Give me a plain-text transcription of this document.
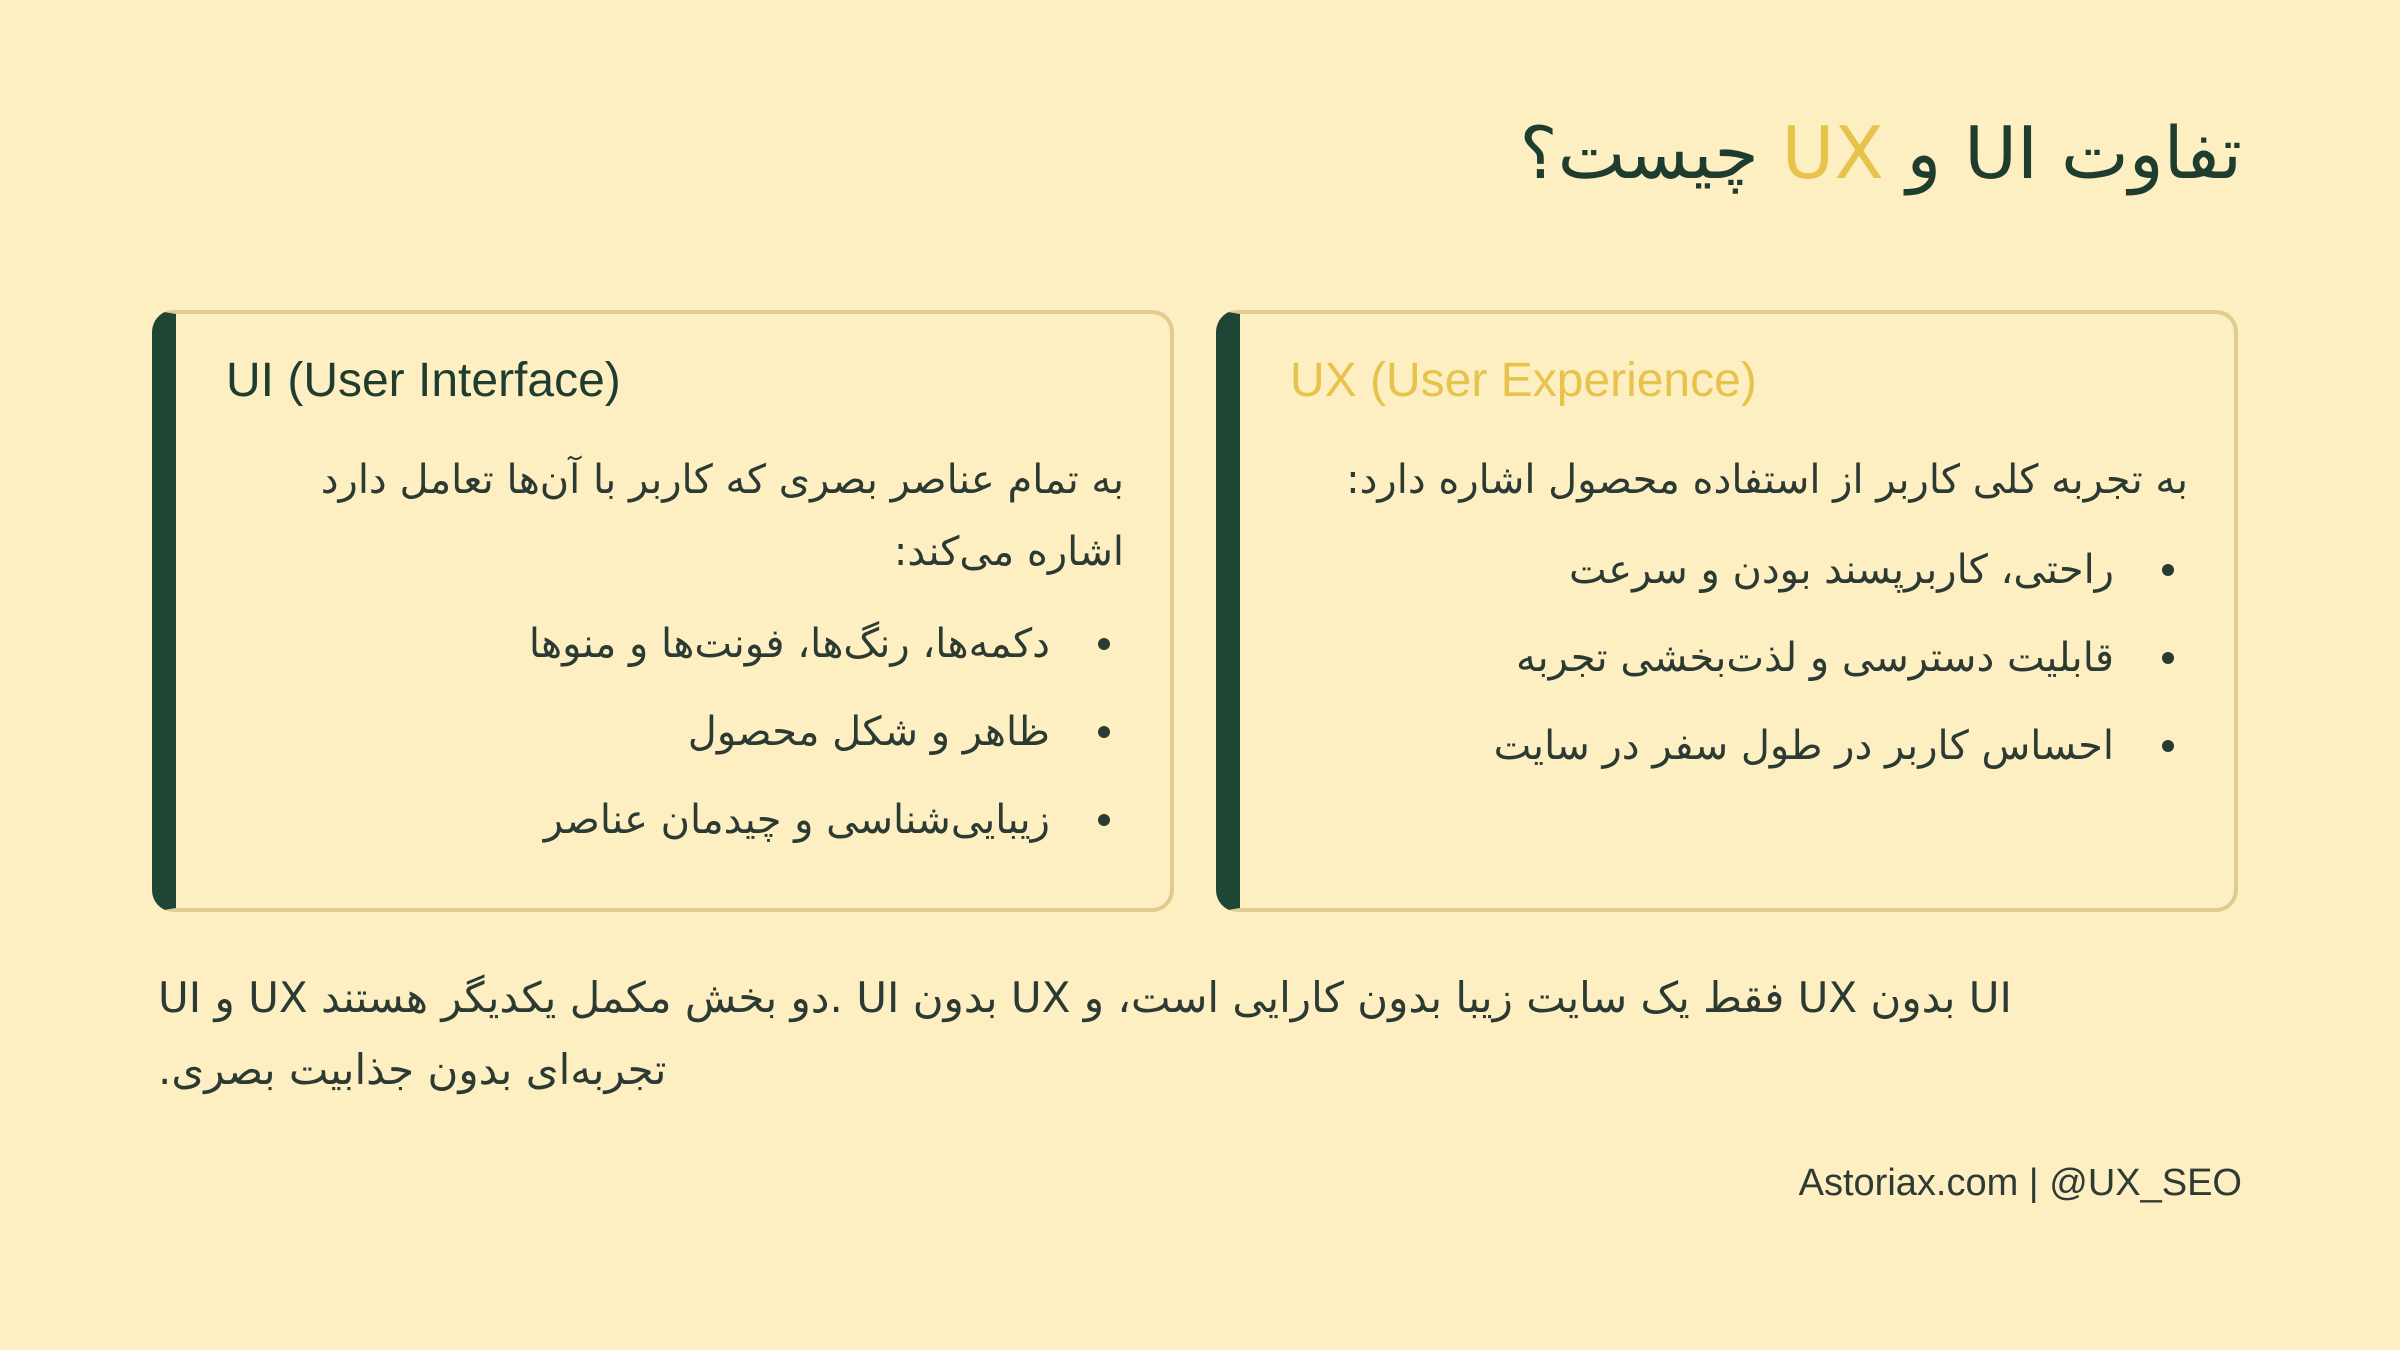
تفاوت UI و UX چیست؟
UI (User Interface)

به تمام عناصر بصری که کاربر با آن‌ها تعامل دارد اشاره می‌کند:

دکمه‌ها، رنگ‌ها، فونت‌ها و منوها
ظاهر و شکل محصول
زیبایی‌شناسی و چیدمان عناصر
UX (User Experience)

به تجربه کلی کاربر از استفاده محصول اشاره دارد:

راحتی، کاربرپسند بودن و سرعت
قابلیت دسترسی و لذت‌بخشی تجربه
احساس کاربر در طول سفر در سایت

UI بدون UX فقط یک سایت زیبا بدون کارایی است، و UX بدون UI .دو بخش مکمل یکدیگر هستند UX و UI تجربه‌ای بدون جذابیت بصری.

Astoriax.com | @UX_SEO
